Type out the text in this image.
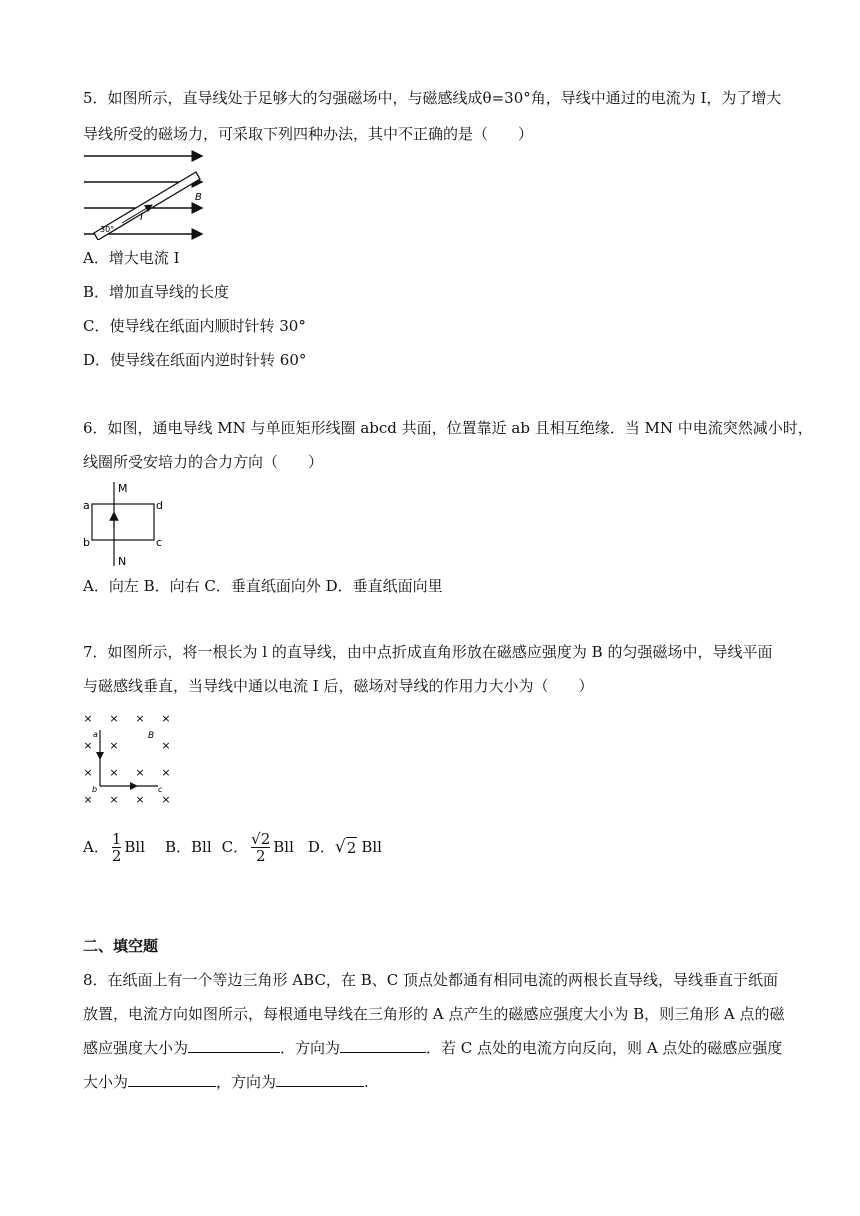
5．如图所示，直导线处于足够大的匀强磁场中，与磁感线成θ=30°角，导线中通过的电流为 I，为了增大
导线所受的磁场力，可采取下列四种办法，其中不正确的是（　　）
B
I
30°
A．增大电流 I
B．增加直导线的长度
C．使导线在纸面内顺时针转 30°
D．使导线在纸面内逆时针转 60°
6．如图，通电导线 MN 与单匝矩形线圈 abcd 共面，位置靠近 ab 且相互绝缘．当 MN 中电流突然减小时，
线圈所受安培力的合力方向（　　）
M
N
a
b	c
d
A．向左 B．向右 C．垂直纸面向外 D．垂直纸面向里
7．如图所示，将一根长为 l 的直导线，由中点折成直角形放在磁感应强度为 B 的匀强磁场中，导线平面
与磁感线垂直，当导线中通以电流 I 后，磁场对导线的作用力大小为（　　）
× × × ×
× ×	×
× × × ×
× × × ×
a
b	c
B
A． $\frac{1}{2}$ Bll B．Bll C． $\frac{√2}{2}$ Bll D． √ 2 Bll
二、填空题
8．在纸面上有一个等边三角形 ABC，在 B、C 顶点处都通有相同电流的两根长直导线，导线垂直于纸面
放置，电流方向如图所示，每根通电导线在三角形的 A 点产生的磁感应强度大小为 B，则三角形 A 点的磁
感应强度大小为	．方向为	．若 C 点处的电流方向反向，则 A 点处的磁感应强度
大小为	，方向为	.
